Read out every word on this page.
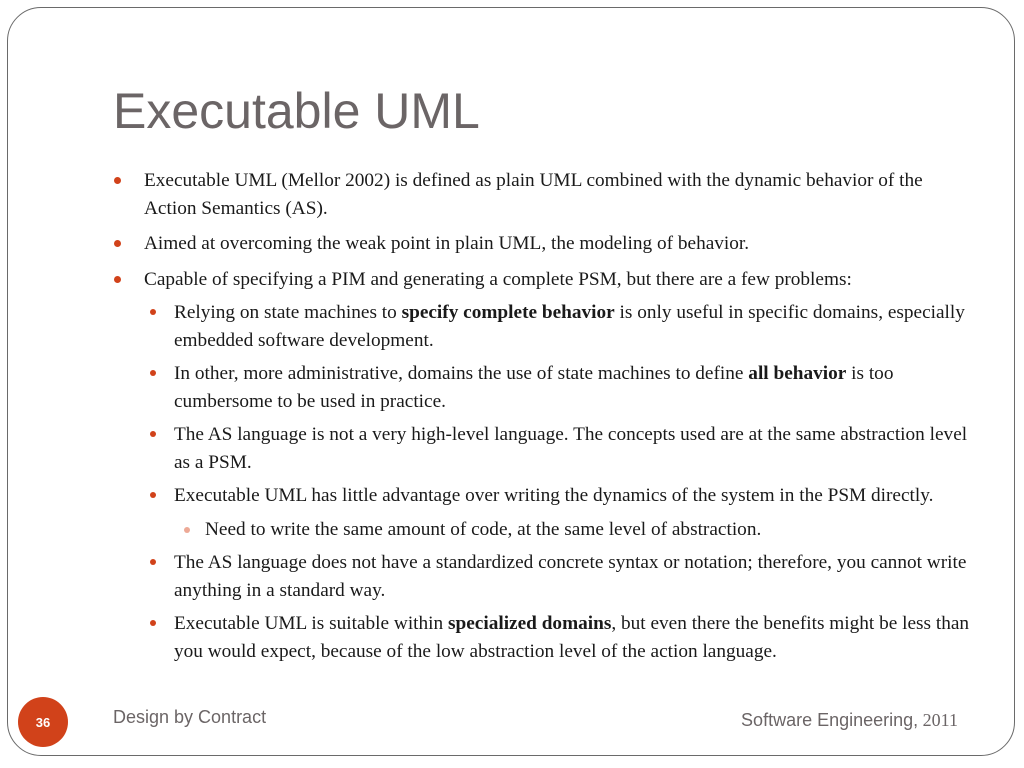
Executable UML

Executable UML (Mellor 2002) is defined as plain UML combined with the dynamic behavior of the Action Semantics (AS).

Aimed at overcoming the weak point in plain UML, the modeling of behavior.

Capable of specifying a PIM and generating a complete PSM, but there are a few problems:

Relying on state machines to specify complete behavior is only useful in specific domains, especially embedded software development.

In other, more administrative, domains the use of state machines to define all behavior is too cumbersome to be used in practice.

The AS language is not a very high-level language. The concepts used are at the same abstraction level as a PSM.

Executable UML has little advantage over writing the dynamics of the system in the PSM directly.

Need to write the same amount of code, at the same level of abstraction.

The AS language does not have a standardized concrete syntax or notation; therefore, you cannot write anything in a standard way.

Executable UML is suitable within specialized domains, but even there the benefits might be less than you would expect, because of the low abstraction level of the action language.

36	Design by Contract	Software Engineering, 2011
